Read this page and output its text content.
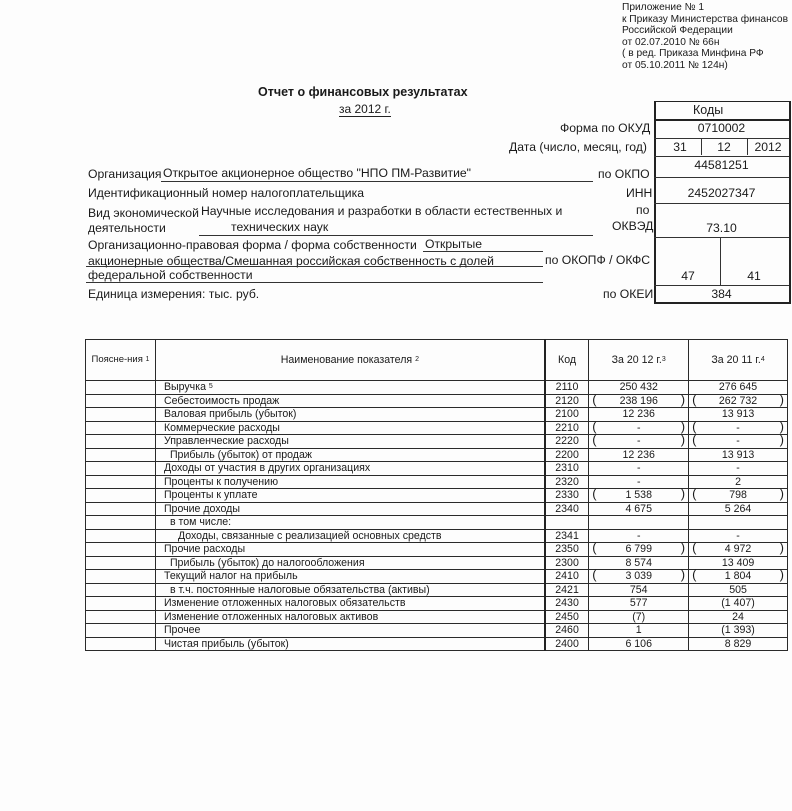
Приложение № 1
к Приказу Министерства финансов
Российской Федерации
от 02.07.2010 № 66н
( в ред. Приказа Минфина РФ
от 05.10.2011 № 124н)
Отчет о финансовых результатах
за 2012 г.	Коды
Форма по ОКУД	0710002
Дата (число, месяц, год)	31	12	2012
Организация Открытое акционерное общество "НПО ПМ-Развитие"	по ОКПО
44581251
Идентификационный номер налогоплательщика	ИНН	2452027347
Вид экономической Научные исследования и разработки в области естественных и
деятельности	технических наук
по
ОКВЭД	73.10
Организационно-правовая форма / форма собственности Открытые
акционерные общества/Смешанная российская собственность с долей
федеральной собственности
по ОКОПФ / ОКФС
47	41
Единица измерения: тыс. руб.	по ОКЕИ	384
Поясне-ния $^1$	Наименование показателя $^2$	Код	За 20 12 г.$^3$	За 20 11 г.$^4$
	Выручка $^5$	2110	250 432	276 645
	Себестоимость продаж	2120	( 238 196 )	( 262 732 )

	Валовая прибыль (убыток)	2100	12 236	13 913
	Коммерческие расходы	2210	( - )	( - )

	Управленческие расходы	2220	( - )	( - )

	Прибыль (убыток) от продаж	2200	12 236	13 913
	Доходы от участия в других организациях	2310	-	-
	Проценты к получению	2320	-	2
	Проценты к уплате	2330	( 1 538 )	( 798 )

	Прочие доходы	2340	4 675	5 264
	в том числе:			
	Доходы, связанные с реализацией основных средств	2341	-	-
	Прочие расходы	2350	( 6 799 )	( 4 972 )

	Прибыль (убыток) до налогообложения	2300	8 574	13 409
	Текущий налог на прибыль	2410	( 3 039 )	( 1 804 )

	в т.ч. постоянные налоговые обязательства (активы)	2421	754	505
	Изменение отложенных налоговых обязательств	2430	577	(1 407)
	Изменение отложенных налоговых активов	2450	(7)	24
	Прочее	2460	1	(1 393)
	Чистая прибыль (убыток)	2400	6 106	8 829
